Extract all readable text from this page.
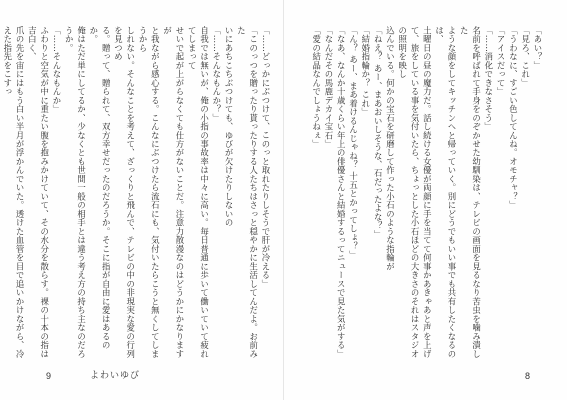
「……どっかにぶつけて、このっと取れたりしそうで肝が冷える」

「このっつを贈ったり貰ったりする人たちはさっと穏やかに生活してんだよ。お前みた

いにあちこちぶつけても、ゆびが欠けたりしないの

「……そんなもんか？」

自我では無いが、俺の小指の事故率は中々に高い。毎日普通に歩いて働いていて疲れてしまって

せいで起が上がらなくても仕方がないことだ。注意力散漫なのはどうかにかなりますが

と我ながら感心する。こんなにぶつけたら流石にも、気付いたらこうと無くしてしまうから

しれない。そんなことを考えて、ざっくりと飛んで、テレビの中の非現実な愛の行列を見つめ

る。贈って、贈られて、双方幸せだったのだろうか。そこに指が自由に愛はあるのか。

俺はただ単にしてるか、少なくとも世間一般の相手とは違う考え方の持ち主なのだろうか。

「……そんなもんか」

ふわりと空気が中に重たい腹を抱みかけていて、その水分を散らす。裸の十本の指は吉白く、

爪の先を宙にはもう白い半月が浮かんでいた。透けた血管を目で追いかけながら、冷えた指先をこすっ

9	よわいゆび

「あい？」

「見ろ、これ」

「うわなに、すごい色してんね。オモチャ？」

「アイスだって」

「……消化できなさそう」

名前を呼ばれて手身をのぞかせた幼馴染は、テレビの画面を見るなり苦虫を噛み潰した

ような顔をしてキッチンへと帰っていく。別にどうでもいい事でも共有したくなるのは、

土曜日の昼の魔力だ。話し続ける女優が両顔に手を当てて何事かあきゃあと声を上げ

て、旅をしている事を気付いたら、ちょっとした小石ほどの大きさのそれはスタジオの照明を映し

込んでいる。何かの宝石を研磨して作った小石のような指輪が

「ねえ？ あー、まあおいしそうな、石だったよな？」

「結婚指輪か？ これ」

「ん？ あー、まあ着けるんじゃね？ 十五とかってしょ？」

「なあ、なんか十歳くらい年上の俳優さんと結婚するってニュースで見た気がする」

「なんだその馬鹿デカイ宝石」

「愛の結晶なんでしょうねぇ」

8
